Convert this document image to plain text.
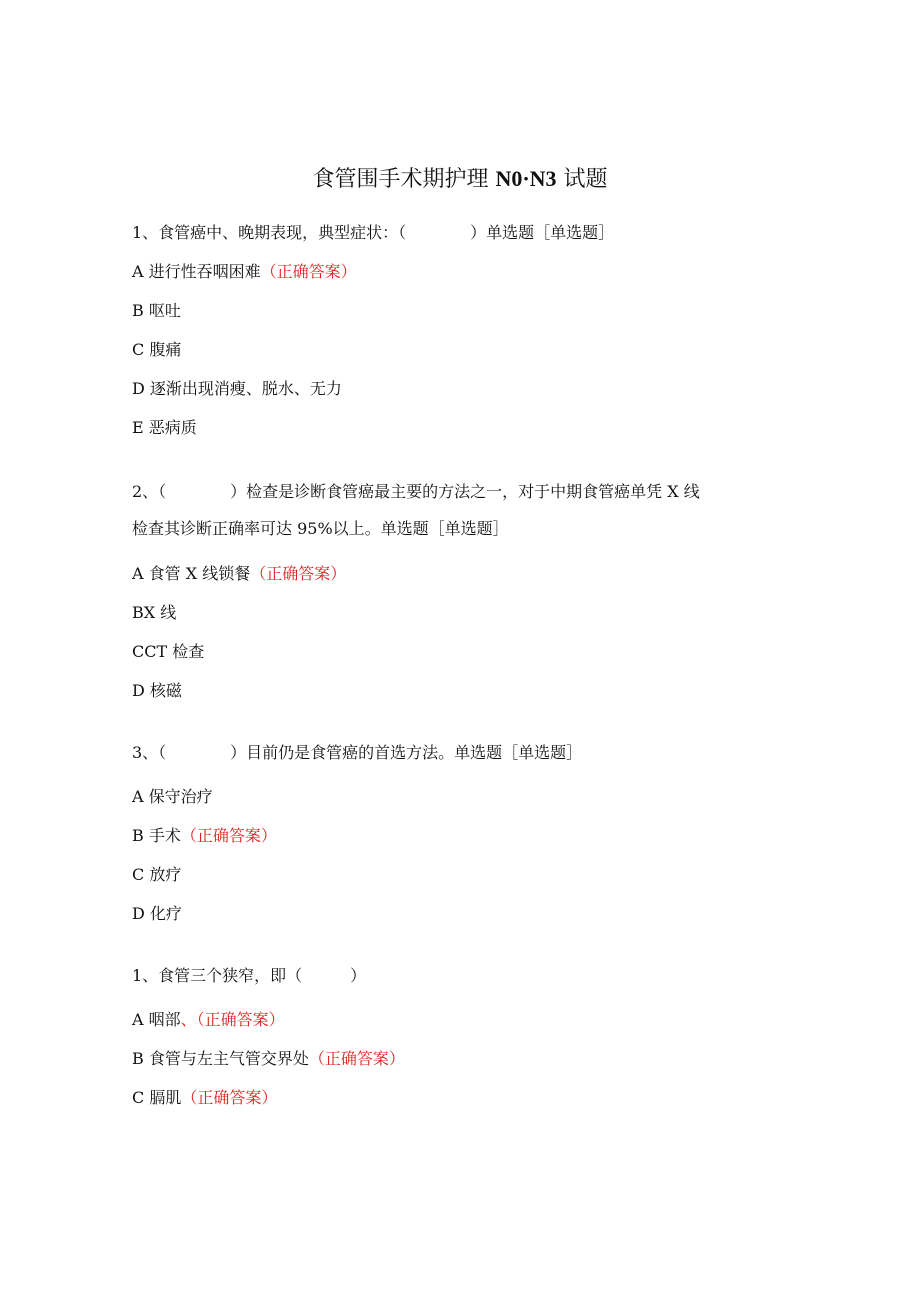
食管围手术期护理 N0·N3 试题
1、食管癌中、晚期表现，典型症状：（　　　　）单选题［单选题］
A 进行性吞咽困难（正确答案）
B 呕吐
C 腹痛
D 逐渐出现消瘦、脱水、无力
E 恶病质
2、（　　　　）检查是诊断食管癌最主要的方法之一，对于中期食管癌单凭 X 线
检查其诊断正确率可达 95%以上。单选题［单选题］
A 食管 X 线锁餐（正确答案）
BX 线
CCT 检查
D 核磁
3、（　　　　）目前仍是食管癌的首选方法。单选题［单选题］
A 保守治疗
B 手术（正确答案）
C 放疗
D 化疗
1、食管三个狭窄，即（　　　）
A 咽部、（正确答案）
B 食管与左主气管交界处（正确答案）
C 膈肌（正确答案）
